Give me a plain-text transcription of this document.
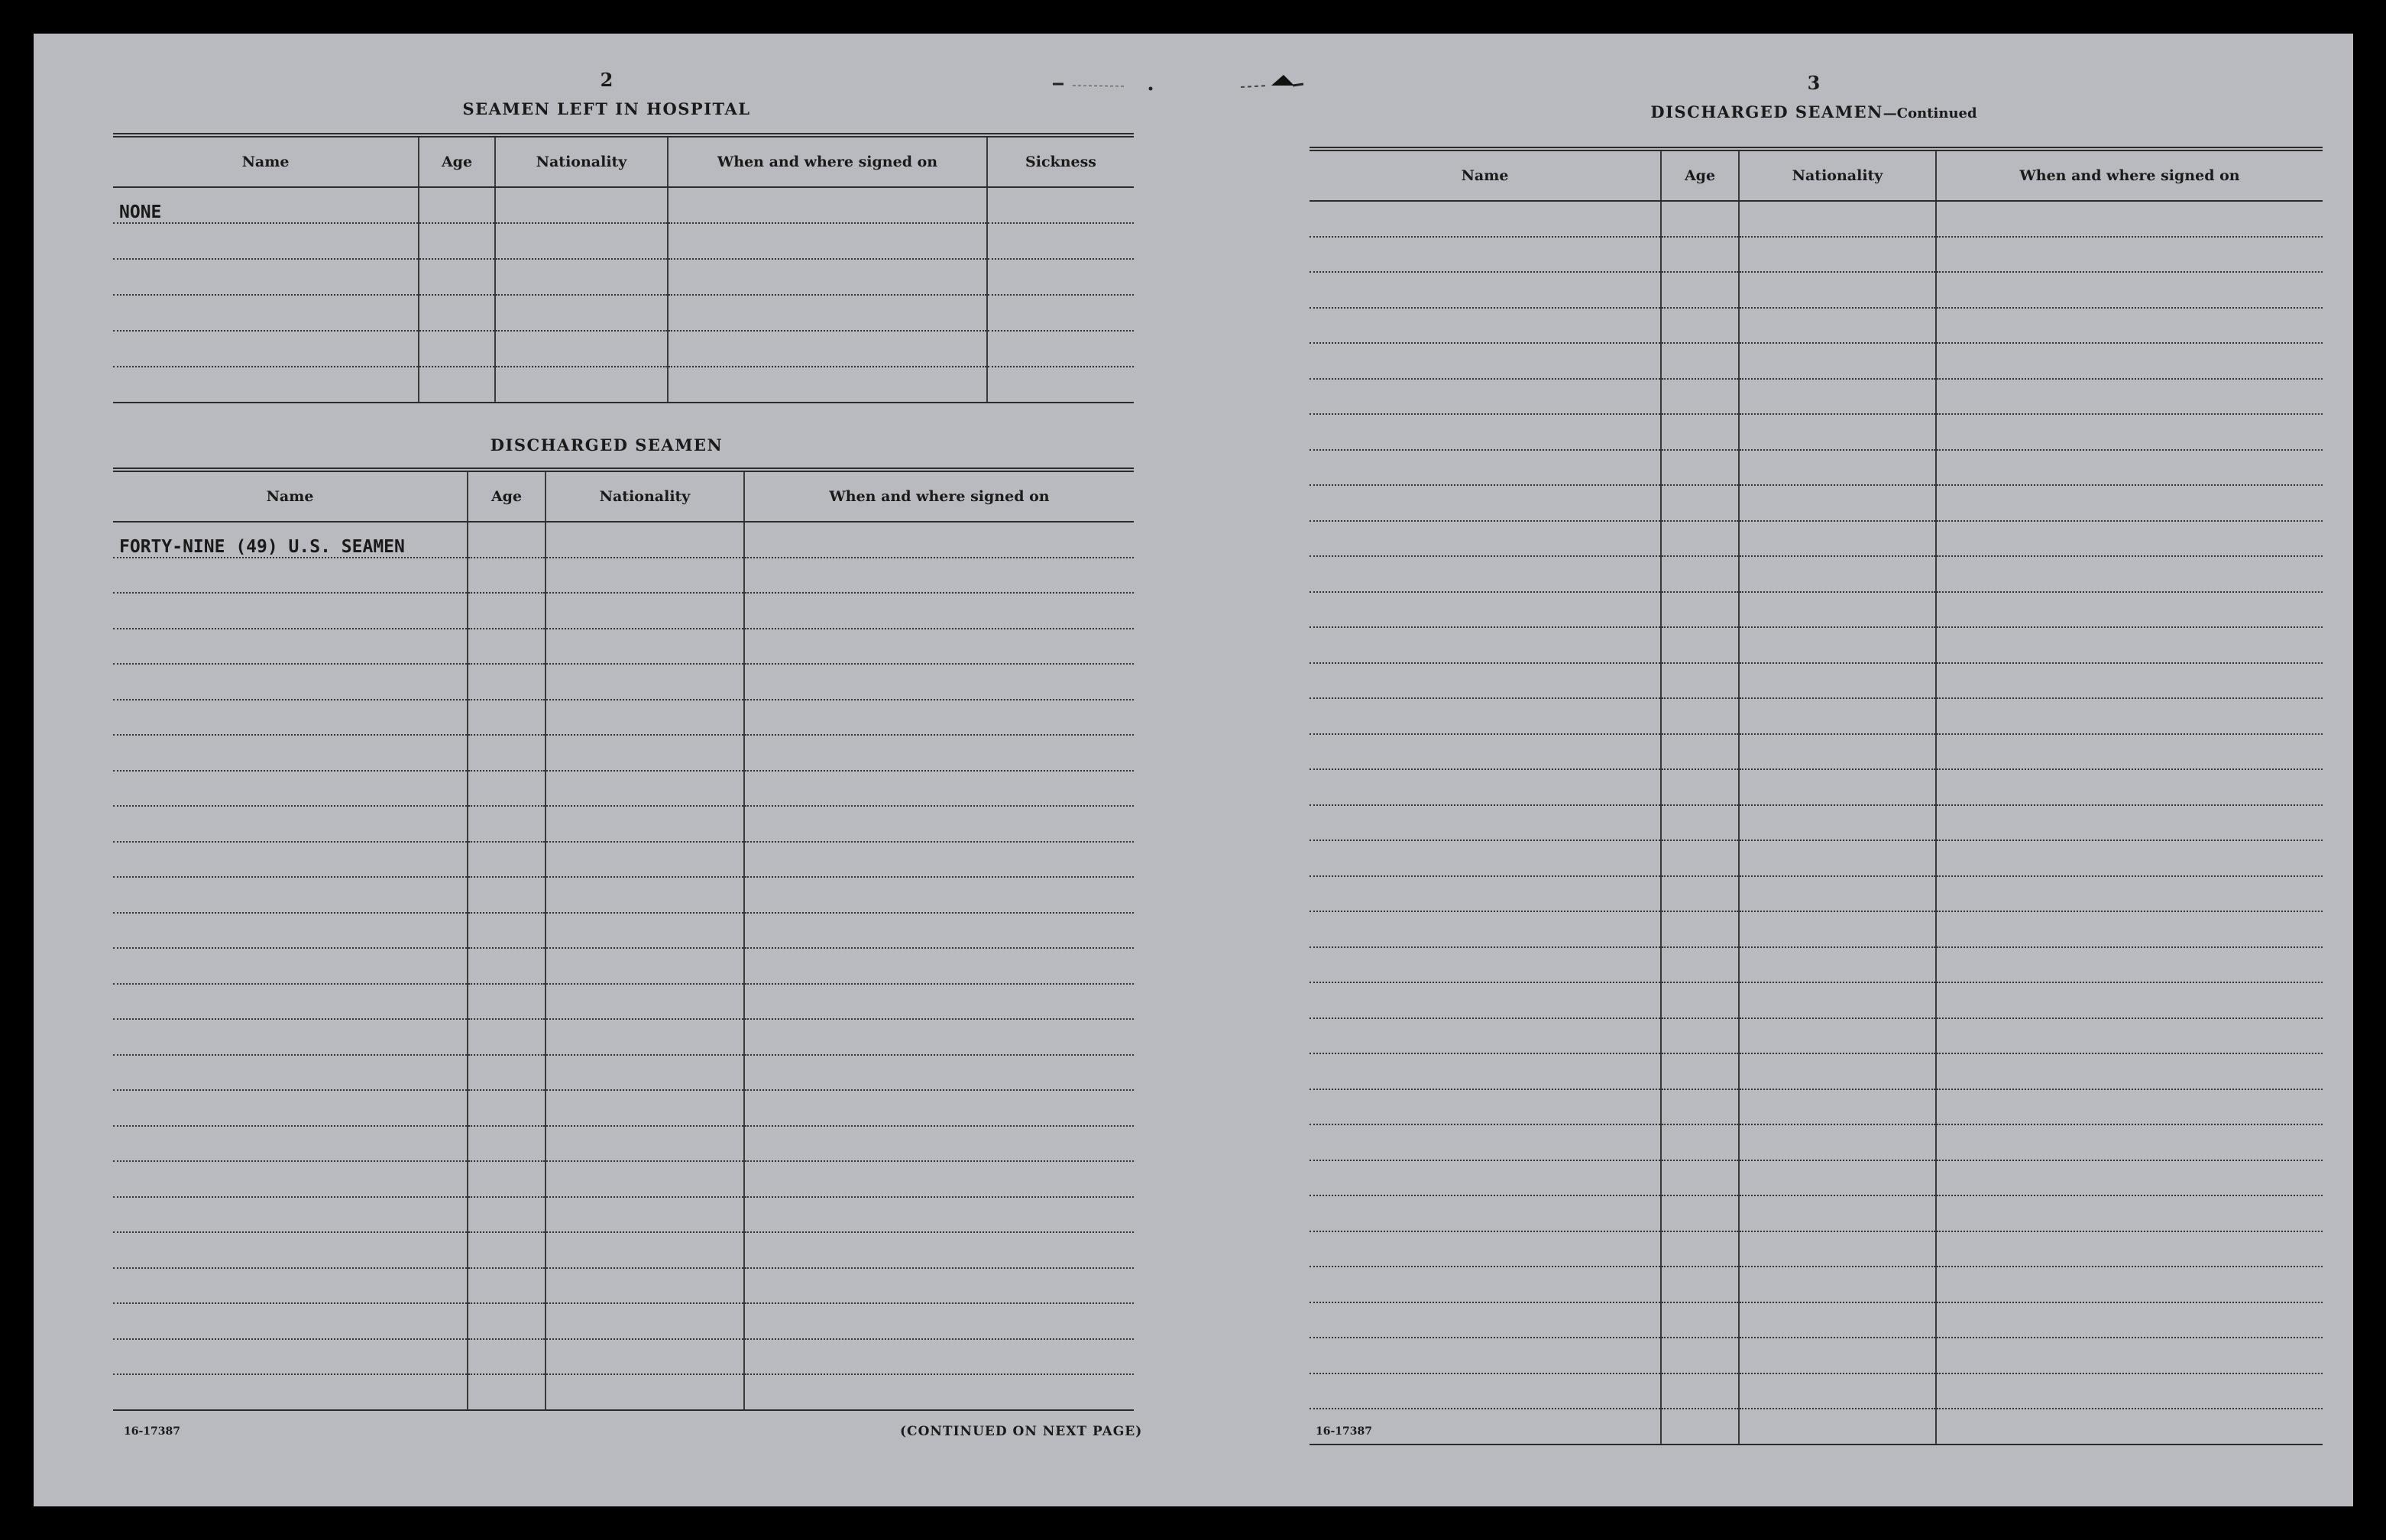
2
SEAMEN LEFT IN HOSPITAL
Name	Age	Nationality	When and where signed on	Sickness
NONE				

DISCHARGED SEAMEN
Name	Age	Nationality	When and where signed on
FORTY-NINE (49) U.S. SEAMEN			

16-17387	(CONTINUED ON NEXT PAGE)
3
DISCHARGED SEAMEN—Continued
Name	Age	Nationality	When and where signed on

16-17387
